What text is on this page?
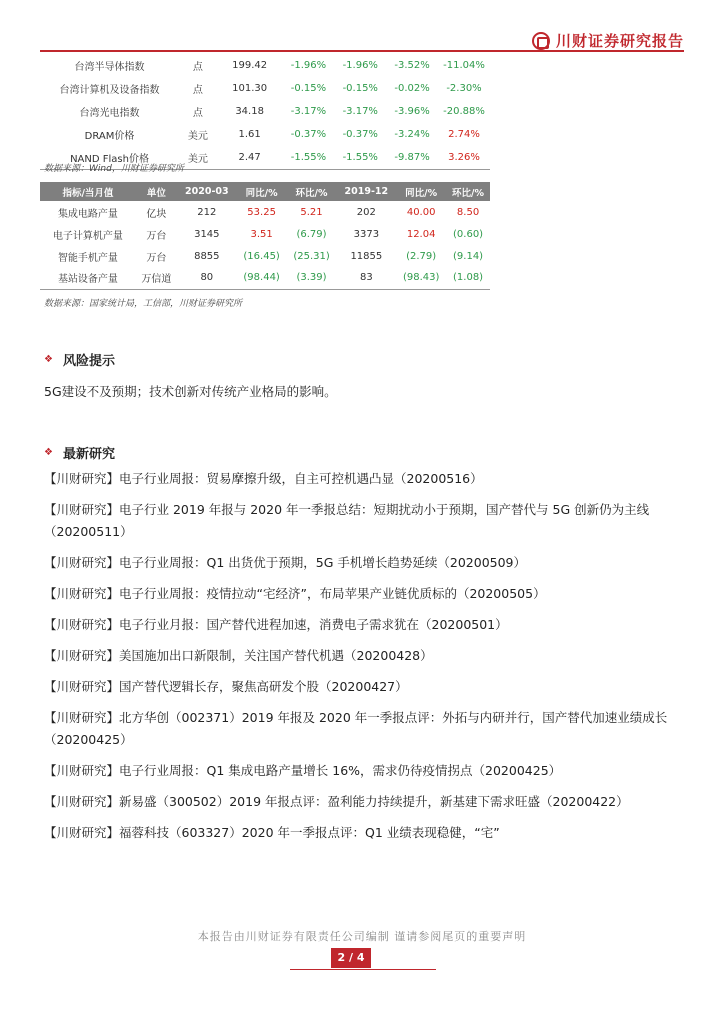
川财证券研究报告
台湾半导体指数	点	199.42	-1.96%	-1.96%	-3.52%	-11.04%
台湾计算机及设备指数	点	101.30	-0.15%	-0.15%	-0.02%	-2.30%
台湾光电指数	点	34.18	-3.17%	-3.17%	-3.96%	-20.88%
DRAM价格	美元	1.61	-0.37%	-0.37%	-3.24%	2.74%
NAND Flash价格	美元	2.47	-1.55%	-1.55%	-9.87%	3.26%
数据来源：Wind，川财证券研究所
指标/当月值	单位	2020-03	同比/%	环比/%	2019-12	同比/%	环比/%
集成电路产量	亿块	212	53.25	5.21	202	40.00	8.50
电子计算机产量	万台	3145	3.51	(6.79)	3373	12.04	(0.60)
智能手机产量	万台	8855	(16.45)	(25.31)	11855	(2.79)	(9.14)
基站设备产量	万信道	80	(98.44)	(3.39)	83	(98.43)	(1.08)
数据来源：国家统计局，工信部，川财证券研究所
❖ 风险提示
5G建设不及预期；技术创新对传统产业格局的影响。
❖ 最新研究
【川财研究】电子行业周报：贸易摩擦升级，自主可控机遇凸显（20200516）
【川财研究】电子行业 2019 年报与 2020 年一季报总结：短期扰动小于预期，国产替代与 5G 创新仍为主线（20200511）
【川财研究】电子行业周报：Q1 出货优于预期，5G 手机增长趋势延续（20200509）
【川财研究】电子行业周报：疫情拉动“宅经济”，布局苹果产业链优质标的（20200505）
【川财研究】电子行业月报：国产替代进程加速，消费电子需求犹在（20200501）
【川财研究】美国施加出口新限制，关注国产替代机遇（20200428）
【川财研究】国产替代逻辑长存，聚焦高研发个股（20200427）
【川财研究】北方华创（002371）2019 年报及 2020 年一季报点评：外拓与内研并行，国产替代加速业绩成长（20200425）
【川财研究】电子行业周报：Q1 集成电路产量增长 16%，需求仍待疫情拐点（20200425）
【川财研究】新易盛（300502）2019 年报点评：盈利能力持续提升，新基建下需求旺盛（20200422）
【川财研究】福蓉科技（603327）2020 年一季报点评：Q1 业绩表现稳健，“宅”
本报告由川财证券有限责任公司编制 谨请参阅尾页的重要声明
2 / 4
